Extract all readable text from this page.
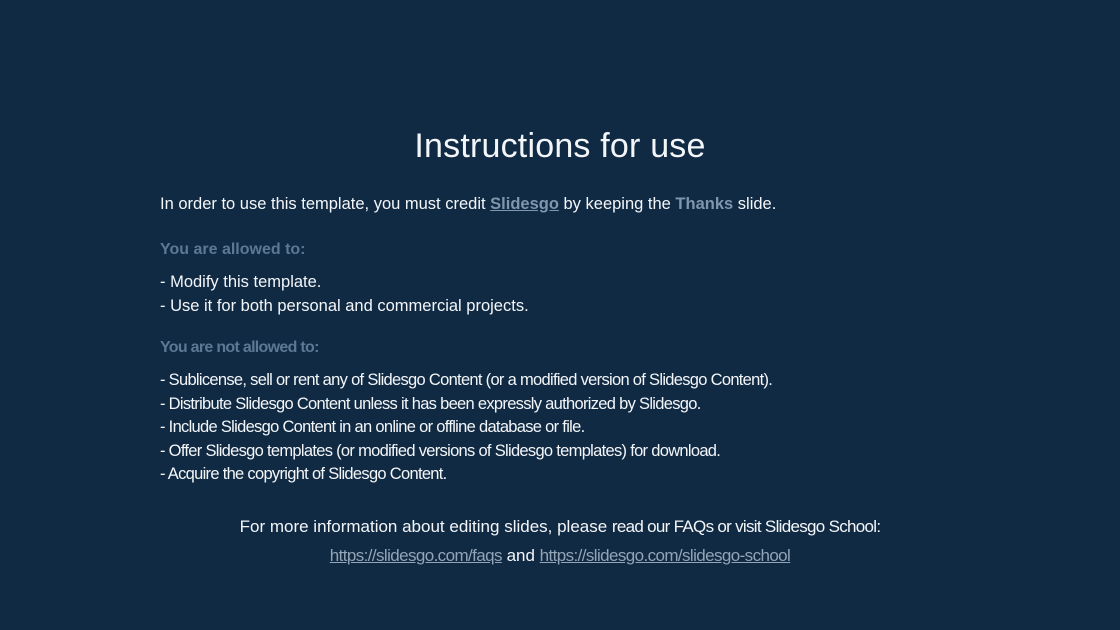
Instructions for use

In order to use this template, you must credit Slidesgo by keeping the Thanks slide.

You are allowed to:
- Modify this template.
- Use it for both personal and commercial projects.
You are not allowed to:
- Sublicense, sell or rent any of Slidesgo Content (or a modified version of Slidesgo Content).
- Distribute Slidesgo Content unless it has been expressly authorized by Slidesgo.
- Include Slidesgo Content in an online or offline database or file.
- Offer Slidesgo templates (or modified versions of Slidesgo templates) for download.
- Acquire the copyright of Slidesgo Content.

For more information about editing slides, please read our FAQs or visit Slidesgo School:

https://slidesgo.com/faqs and https://slidesgo.com/slidesgo-school
